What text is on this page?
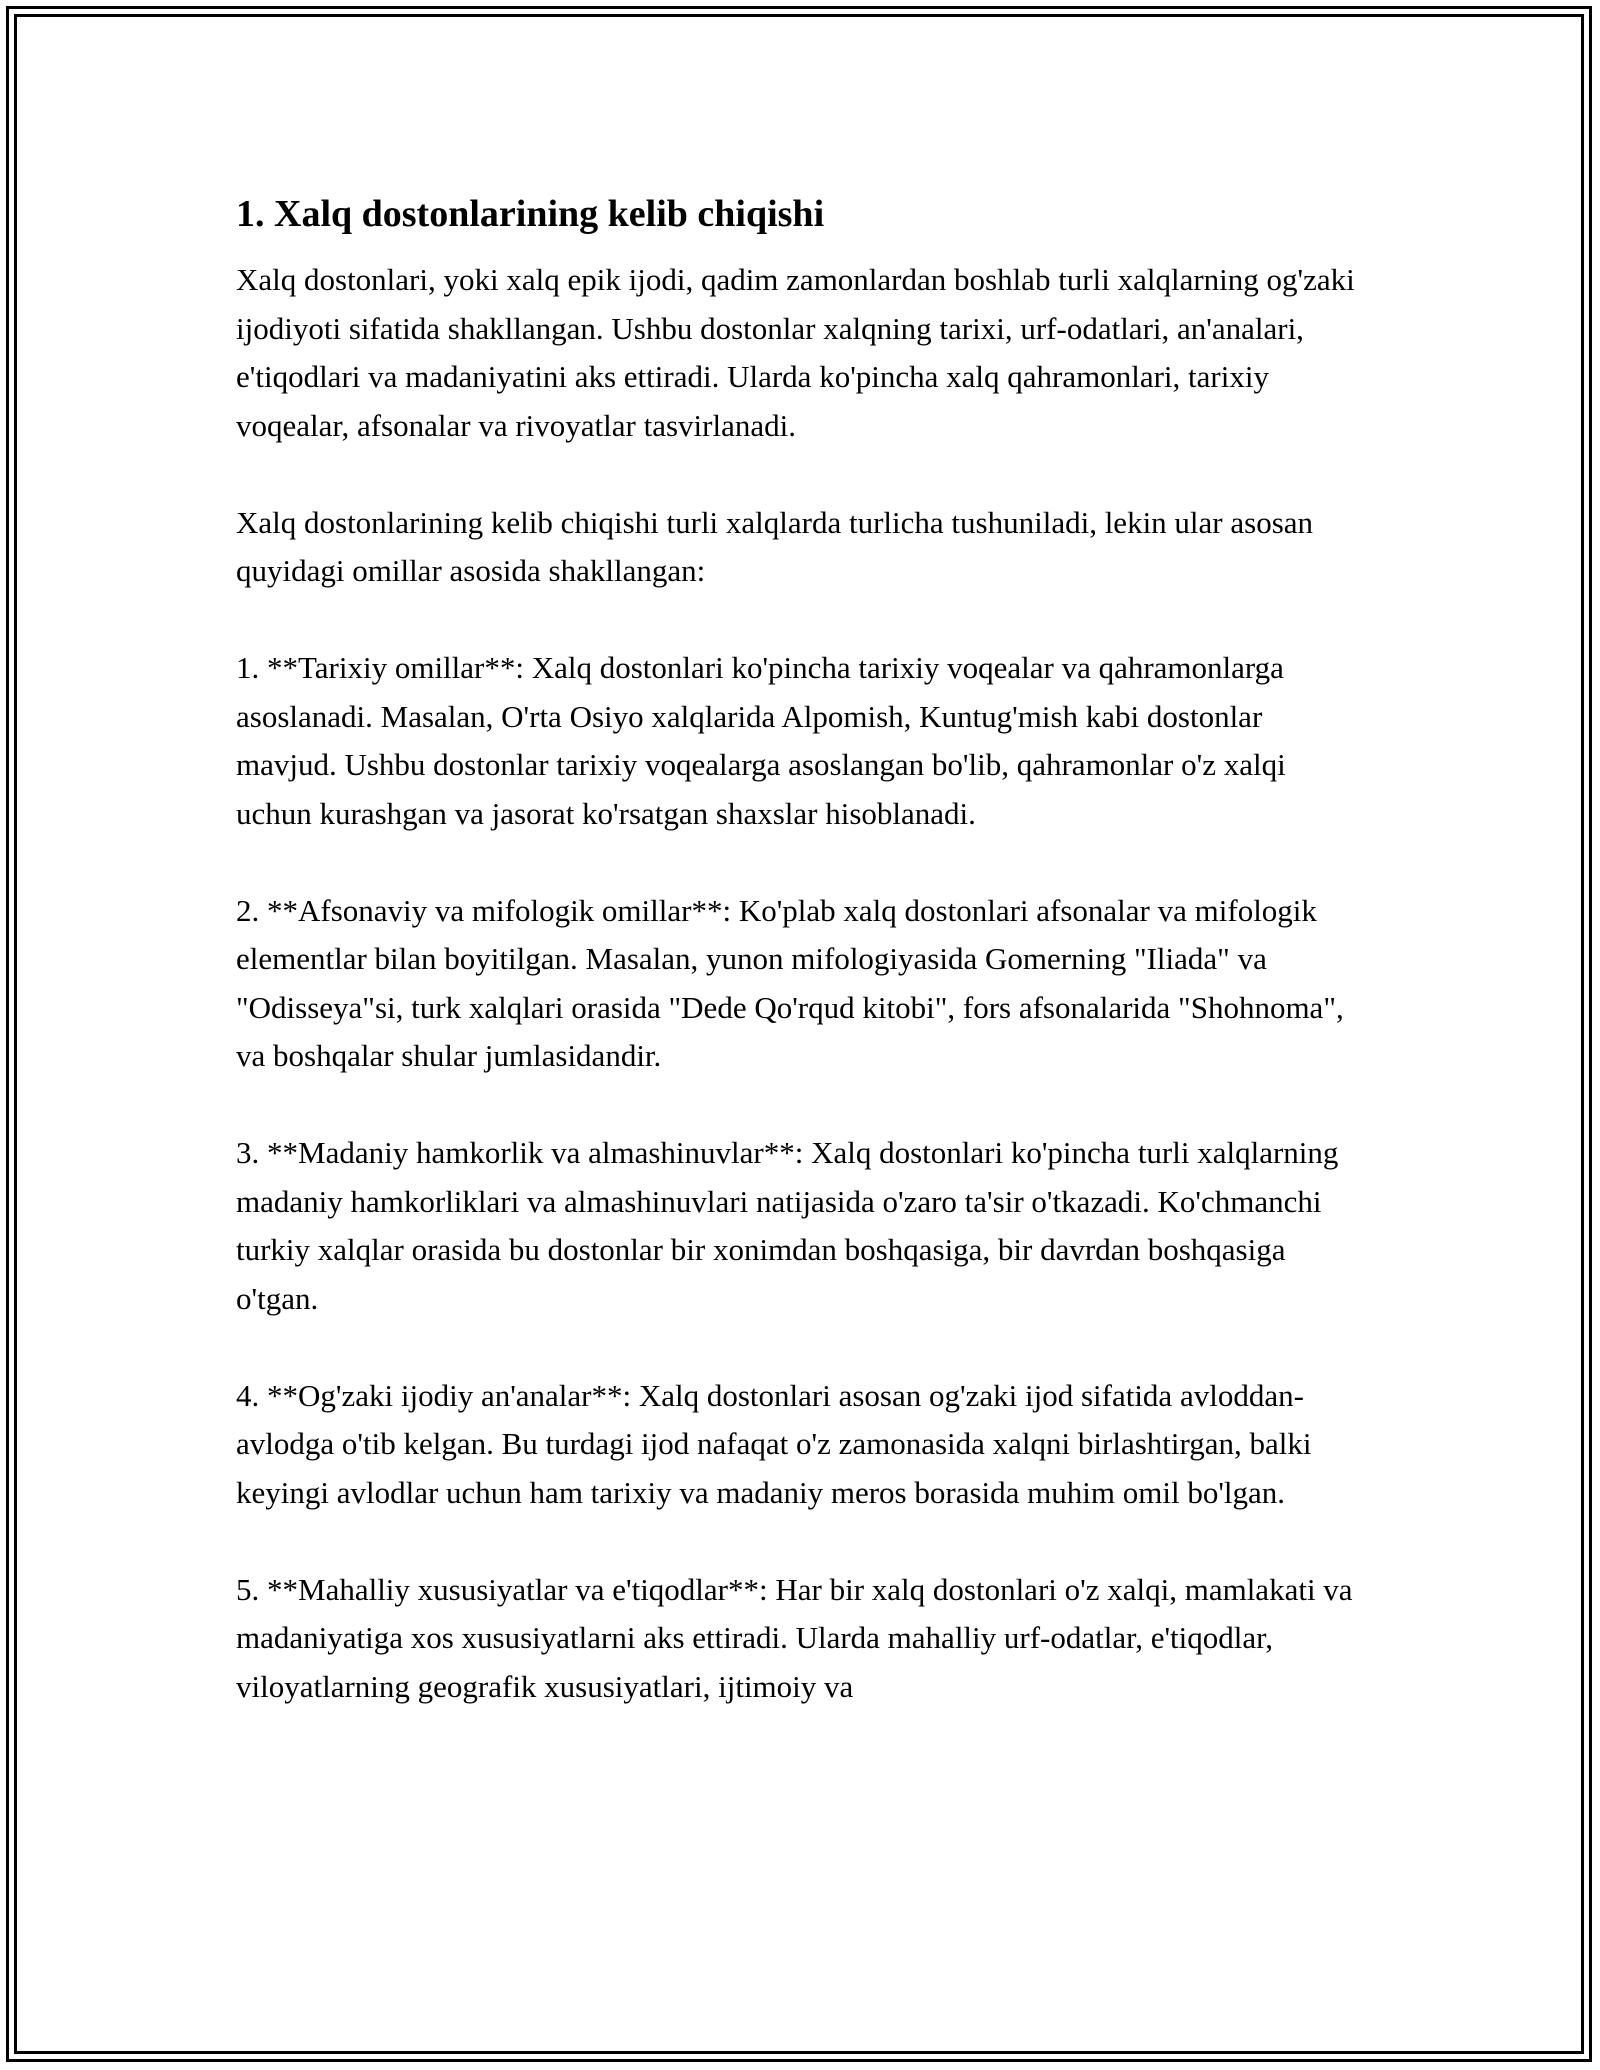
1. Xalq dostonlarining kelib chiqishi

Xalq dostonlari, yoki xalq epik ijodi, qadim zamonlardan boshlab turli xalqlarning og'zaki ijodiyoti sifatida shakllangan. Ushbu dostonlar xalqning tarixi, urf-odatlari, an'analari, e'tiqodlari va madaniyatini aks ettiradi. Ularda ko'pincha xalq qahramonlari, tarixiy voqealar, afsonalar va rivoyatlar tasvirlanadi.

Xalq dostonlarining kelib chiqishi turli xalqlarda turlicha tushuniladi, lekin ular asosan quyidagi omillar asosida shakllangan:

1. **Tarixiy omillar**: Xalq dostonlari ko'pincha tarixiy voqealar va qahramonlarga asoslanadi. Masalan, O'rta Osiyo xalqlarida Alpomish, Kuntug'mish kabi dostonlar mavjud. Ushbu dostonlar tarixiy voqealarga asoslangan bo'lib, qahramonlar o'z xalqi uchun kurashgan va jasorat ko'rsatgan shaxslar hisoblanadi.

2. **Afsonaviy va mifologik omillar**: Ko'plab xalq dostonlari afsonalar va mifologik elementlar bilan boyitilgan. Masalan, yunon mifologiyasida Gomerning "Iliada" va "Odisseya"si, turk xalqlari orasida "Dede Qo'rqud kitobi", fors afsonalarida "Shohnoma", va boshqalar shular jumlasidandir.

3. **Madaniy hamkorlik va almashinuvlar**: Xalq dostonlari ko'pincha turli xalqlarning madaniy hamkorliklari va almashinuvlari natijasida o'zaro ta'sir o'tkazadi. Ko'chmanchi turkiy xalqlar orasida bu dostonlar bir xonimdan boshqasiga, bir davrdan boshqasiga o'tgan.

4. **Og'zaki ijodiy an'analar**: Xalq dostonlari asosan og'zaki ijod sifatida avloddan-avlodga o'tib kelgan. Bu turdagi ijod nafaqat o'z zamonasida xalqni birlashtirgan, balki keyingi avlodlar uchun ham tarixiy va madaniy meros borasida muhim omil bo'lgan.

5. **Mahalliy xususiyatlar va e'tiqodlar**: Har bir xalq dostonlari o'z xalqi, mamlakati va madaniyatiga xos xususiyatlarni aks ettiradi. Ularda mahalliy urf-odatlar, e'tiqodlar, viloyatlarning geografik xususiyatlari, ijtimoiy va
